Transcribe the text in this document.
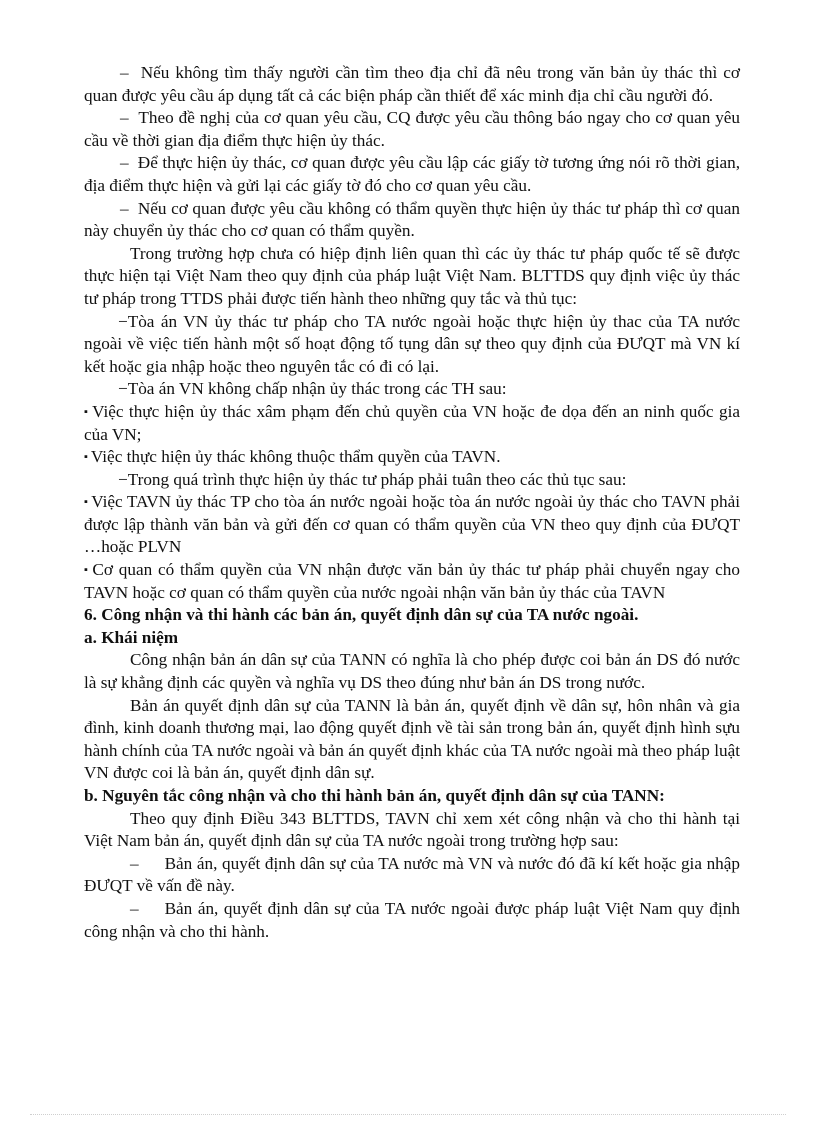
– Nếu không tìm thấy người cần tìm theo địa chỉ đã nêu trong văn bản ủy thác thì cơ quan được yêu cầu áp dụng tất cả các biện pháp cần thiết để xác minh địa chỉ cầu người đó.

– Theo đề nghị của cơ quan yêu cầu, CQ được yêu cầu thông báo ngay cho cơ quan yêu cầu về thời gian địa điểm thực hiện ủy thác.

– Để thực hiện ủy thác, cơ quan được yêu cầu lập các giấy tờ tương ứng nói rõ thời gian, địa điểm thực hiện và gửi lại các giấy tờ đó cho cơ quan yêu cầu.

– Nếu cơ quan được yêu cầu không có thẩm quyền thực hiện ủy thác tư pháp thì cơ quan này chuyển ủy thác cho cơ quan có thẩm quyền.

Trong trường hợp chưa có hiệp định liên quan thì các ủy thác tư pháp quốc tế sẽ được thực hiện tại Việt Nam theo quy định của pháp luật Việt Nam. BLTTDS quy định việc ủy thác tư pháp trong TTDS phải được tiến hành theo những quy tắc và thủ tục:

−Tòa án VN ủy thác tư pháp cho TA nước ngoài hoặc thực hiện ủy thac của TA nước ngoài về việc tiến hành một số hoạt động tố tụng dân sự theo quy định của ĐƯQT mà VN kí kết hoặc gia nhập hoặc theo nguyên tắc có đi có lại.

−Tòa án VN không chấp nhận ủy thác trong các TH sau:

▪ Việc thực hiện ủy thác xâm phạm đến chủ quyền của VN hoặc đe dọa đến an ninh quốc gia của VN;

▪ Việc thực hiện ủy thác không thuộc thẩm quyền của TAVN.

−Trong quá trình thực hiện ủy thác tư pháp phải tuân theo các thủ tục sau:

▪ Việc TAVN ủy thác TP cho tòa án nước ngoài hoặc tòa án nước ngoài ủy thác cho TAVN phải được lập thành văn bản và gửi đến cơ quan có thẩm quyền của VN theo quy định của ĐƯQT …hoặc PLVN

▪ Cơ quan có thẩm quyền của VN nhận được văn bản ủy thác tư pháp phải chuyển ngay cho TAVN hoặc cơ quan có thẩm quyền của nước ngoài nhận văn bản ủy thác của TAVN

6. Công nhận và thi hành các bản án, quyết định dân sự của TA nước ngoài.

a. Khái niệm

Công nhận bản án dân sự của TANN có nghĩa là cho phép được coi bản án DS đó nước là sự khẳng định các quyền và nghĩa vụ DS theo đúng như bản án DS trong nước.

Bản án quyết định dân sự của TANN là bản án, quyết định về dân sự, hôn nhân và gia đình, kinh doanh thương mại, lao động quyết định về tài sản trong bản án, quyết định hình sựu hành chính của TA nước ngoài và bản án quyết định khác của TA nước ngoài mà theo pháp luật VN được coi là bản án, quyết định dân sự.

b. Nguyên tắc công nhận và cho thi hành bản án, quyết định dân sự của TANN:

Theo quy định Điều 343 BLTTDS, TAVN chỉ xem xét công nhận và cho thi hành tại Việt Nam bản án, quyết định dân sự của TA nước ngoài trong trường hợp sau:

– Bản án, quyết định dân sự của TA nước mà VN và nước đó đã kí kết hoặc gia nhập ĐƯQT về vấn đề này.

– Bản án, quyết định dân sự của TA nước ngoài được pháp luật Việt Nam quy định công nhận và cho thi hành.
